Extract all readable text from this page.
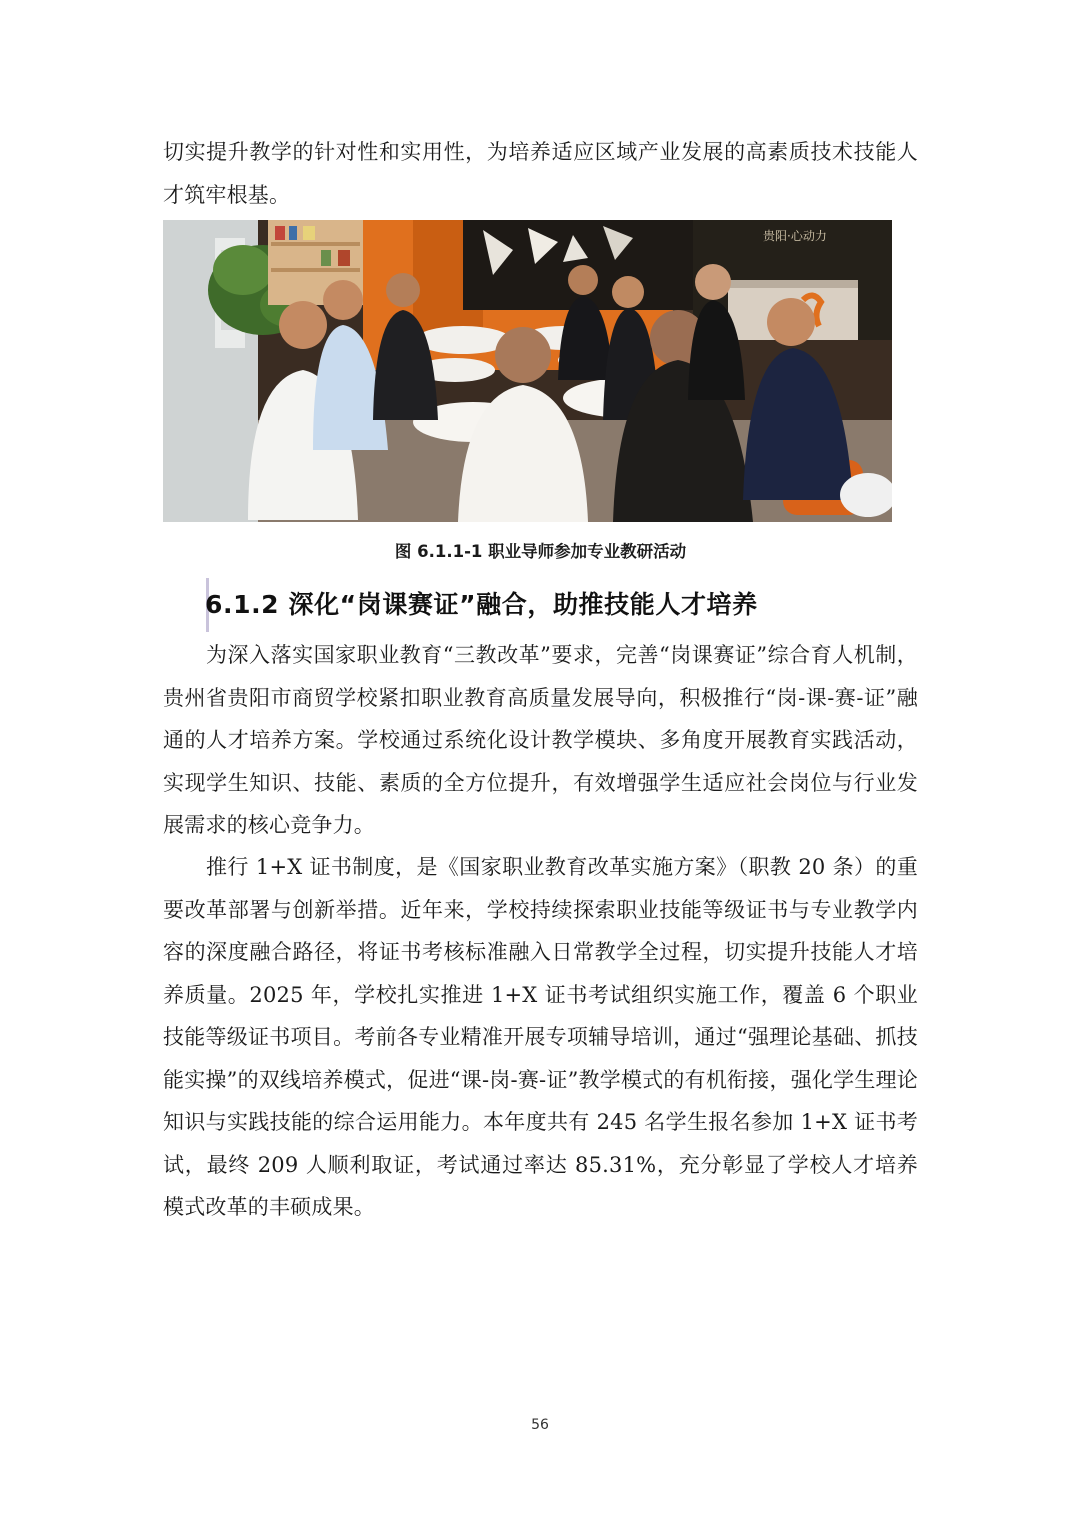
切实提升教学的针对性和实用性，为培养适应区域产业发展的高素质技术技能人才筑牢根基。

贵阳·心动力
图 6.1.1-1 职业导师参加专业教研活动
6.1.2 深化“岗课赛证”融合，助推技能人才培养

为深入落实国家职业教育“三教改革”要求，完善“岗课赛证”综合育人机制，贵州省贵阳市商贸学校紧扣职业教育高质量发展导向，积极推行“岗-课-赛-证”融通的人才培养方案。学校通过系统化设计教学模块、多角度开展教育实践活动，实现学生知识、技能、素质的全方位提升，有效增强学生适应社会岗位与行业发展需求的核心竞争力。

推行 1+X 证书制度，是《国家职业教育改革实施方案》（职教 20 条）的重要改革部署与创新举措。近年来，学校持续探索职业技能等级证书与专业教学内容的深度融合路径，将证书考核标准融入日常教学全过程，切实提升技能人才培养质量。2025 年，学校扎实推进 1+X 证书考试组织实施工作，覆盖 6 个职业技能等级证书项目。考前各专业精准开展专项辅导培训，通过“强理论基础、抓技能实操”的双线培养模式，促进“课-岗-赛-证”教学模式的有机衔接，强化学生理论知识与实践技能的综合运用能力。本年度共有 245 名学生报名参加 1+X 证书考试，最终 209 人顺利取证，考试通过率达 85.31%，充分彰显了学校人才培养模式改革的丰硕成果。

56
